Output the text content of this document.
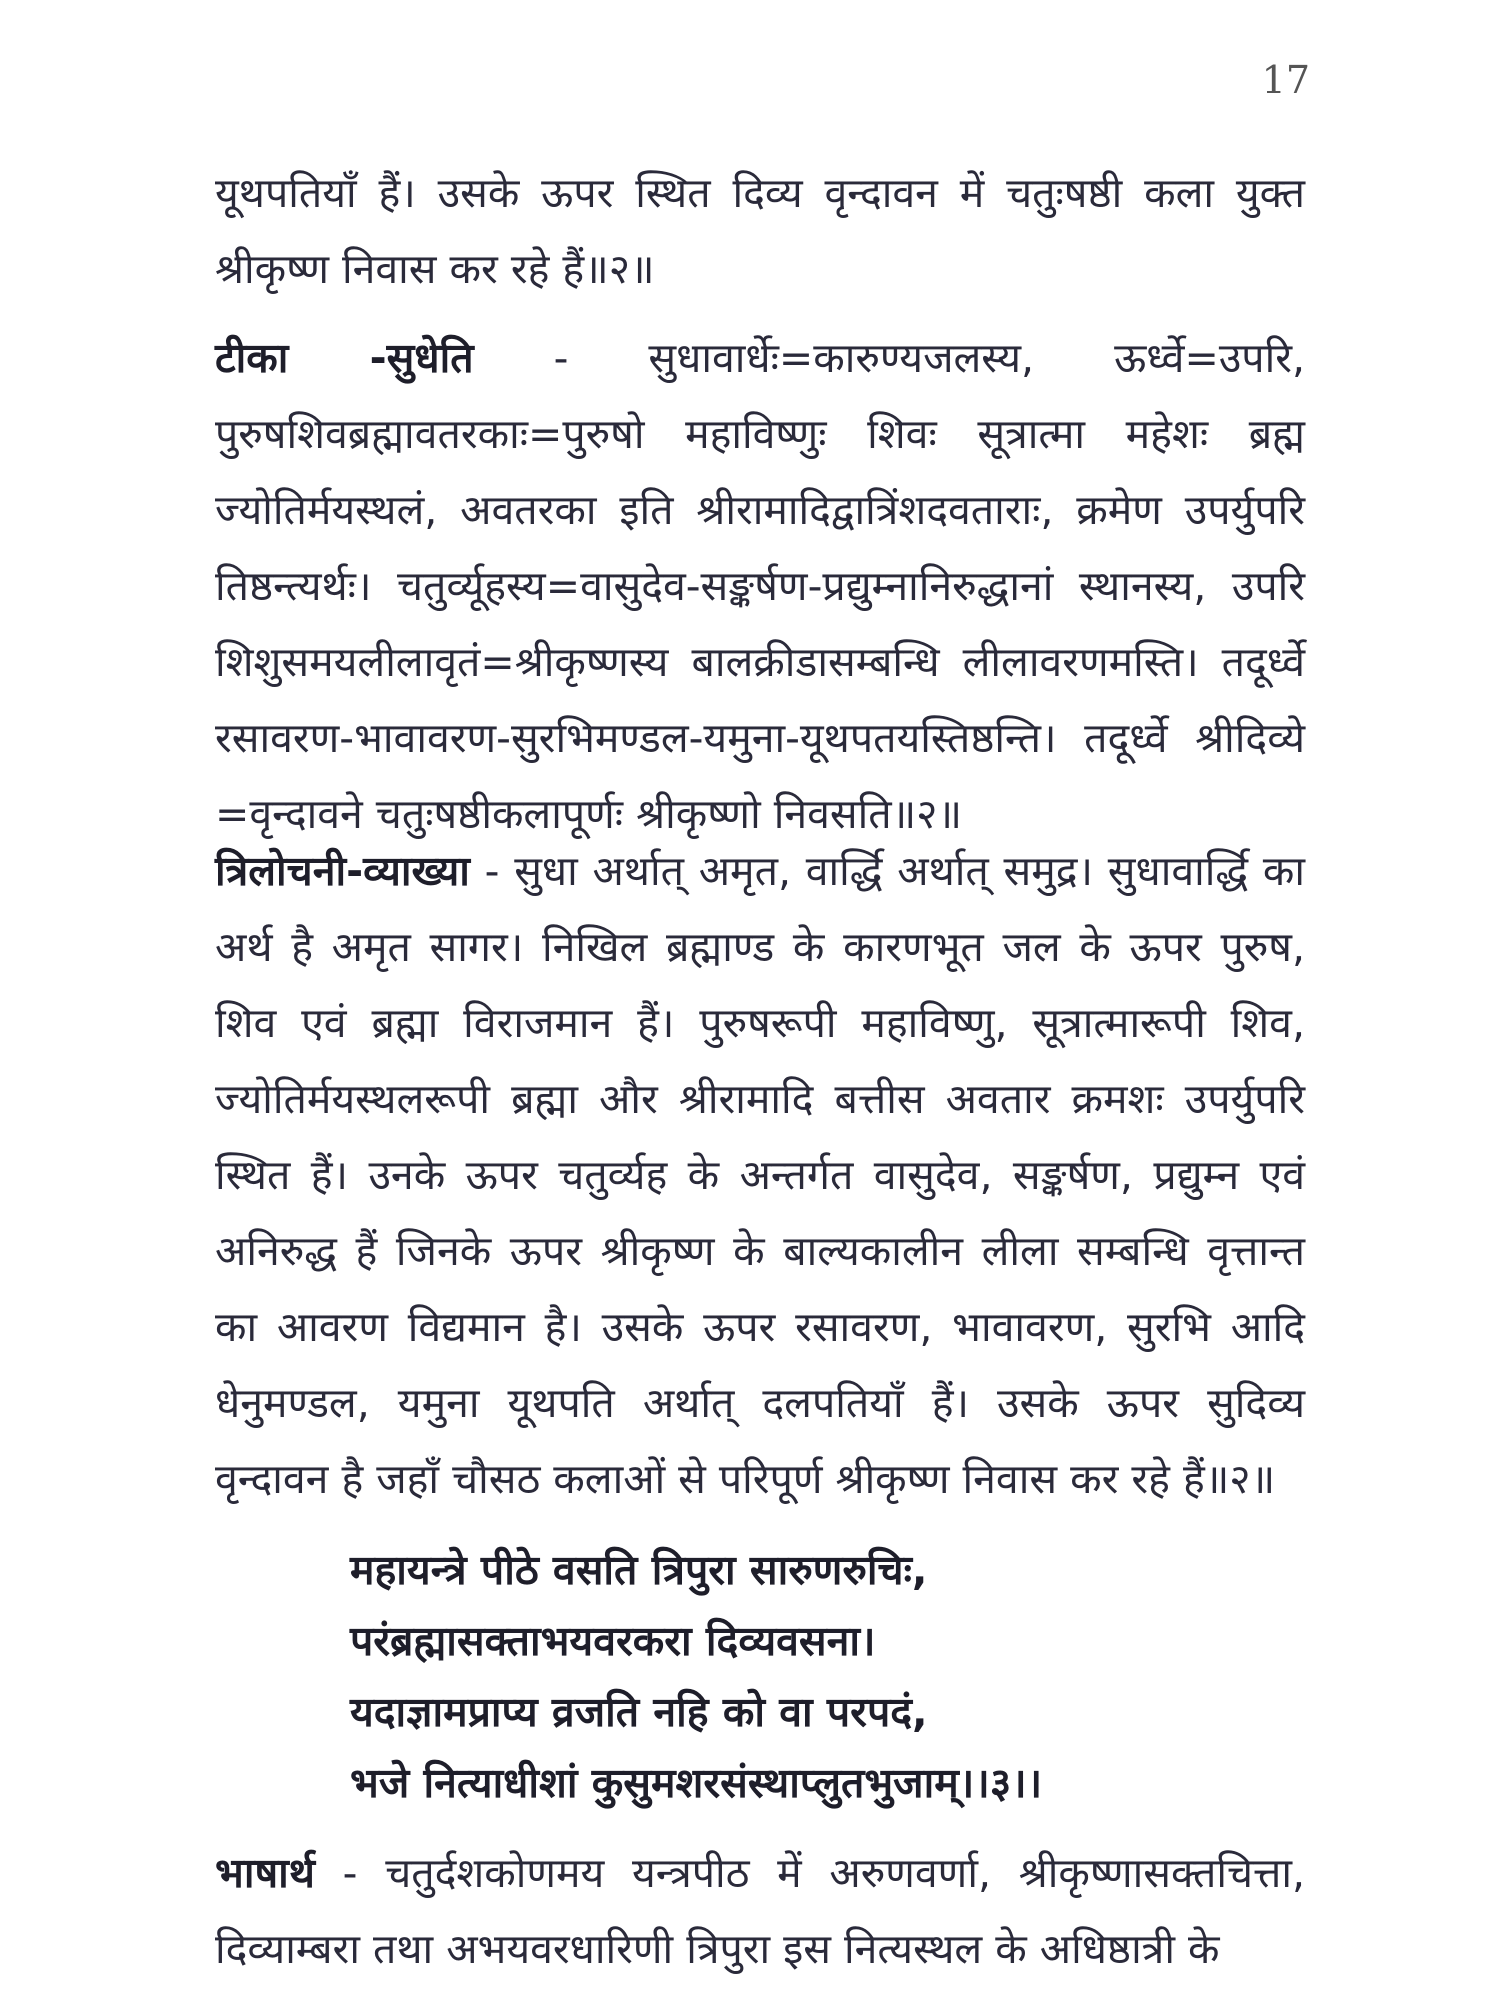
17

यूथपतियाँ हैं। उसके ऊपर स्थित दिव्य वृन्दावन में चतुःषष्ठी कला युक्त श्रीकृष्ण निवास कर रहे हैं॥२॥

टीका -सुधेति - सुधावार्धेः=कारुण्यजलस्य, ऊर्ध्वे=उपरि, पुरुषशिवब्रह्मावतरकाः=पुरुषो महाविष्णुः शिवः सूत्रात्मा महेशः ब्रह्म ज्योतिर्मयस्थलं, अवतरका इति श्रीरामादिद्वात्रिंशदवताराः, क्रमेण उपर्युपरि तिष्ठन्त्यर्थः। चतुर्व्यूहस्य=वासुदेव-सङ्कर्षण-प्रद्युम्नानिरुद्धानां स्थानस्य, उपरि शिशुसमयलीलावृतं=श्रीकृष्णस्य बालक्रीडासम्बन्धि लीलावरणमस्ति। तदूर्ध्वे रसावरण-भावावरण-सुरभिमण्डल-यमुना-यूथपतयस्तिष्ठन्ति। तदूर्ध्वे श्रीदिव्ये =वृन्दावने चतुःषष्ठीकलापूर्णः श्रीकृष्णो निवसति॥२॥

त्रिलोचनी-व्याख्या - सुधा अर्थात् अमृत, वार्द्धि अर्थात् समुद्र। सुधावार्द्धि का अर्थ है अमृत सागर। निखिल ब्रह्माण्ड के कारणभूत जल के ऊपर पुरुष, शिव एवं ब्रह्मा विराजमान हैं। पुरुषरूपी महाविष्णु, सूत्रात्मारूपी शिव, ज्योतिर्मयस्थलरूपी ब्रह्मा और श्रीरामादि बत्तीस अवतार क्रमशः उपर्युपरि स्थित हैं। उनके ऊपर चतुर्व्यह के अन्तर्गत वासुदेव, सङ्कर्षण, प्रद्युम्न एवं अनिरुद्ध हैं जिनके ऊपर श्रीकृष्ण के बाल्यकालीन लीला सम्बन्धि वृत्तान्त का आवरण विद्यमान है। उसके ऊपर रसावरण, भावावरण, सुरभि आदि धेनुमण्डल, यमुना यूथपति अर्थात् दलपतियाँ हैं। उसके ऊपर सुदिव्य वृन्दावन है जहाँ चौसठ कलाओं से परिपूर्ण श्रीकृष्ण निवास कर रहे हैं॥२॥

महायन्त्रे पीठे वसति त्रिपुरा सारुणरुचिः,
परंब्रह्मासक्ताभयवरकरा दिव्यवसना।
यदाज्ञामप्राप्य व्रजति नहि को वा परपदं,
भजे नित्याधीशां कुसुमशरसंस्थाप्लुतभुजाम्।।३।।

भाषार्थ - चतुर्दशकोणमय यन्त्रपीठ में अरुणवर्णा, श्रीकृष्णासक्तचित्ता, दिव्याम्बरा तथा अभयवरधारिणी त्रिपुरा इस नित्यस्थल के अधिष्ठात्री के
